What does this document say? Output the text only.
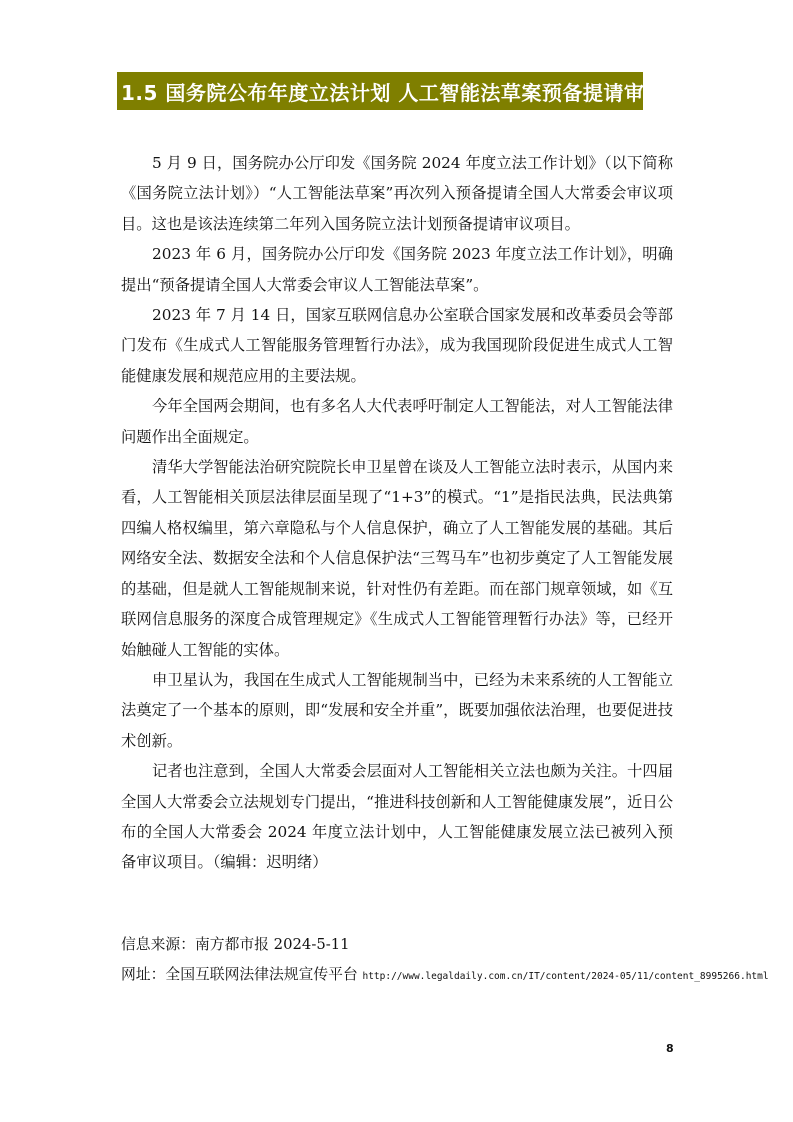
1.5 国务院公布年度立法计划 人工智能法草案预备提请审议

5 月 9 日，国务院办公厅印发《国务院 2024 年度立法工作计划》（以下简称《国务院立法计划》）“人工智能法草案”再次列入预备提请全国人大常委会审议项目。这也是该法连续第二年列入国务院立法计划预备提请审议项目。

2023 年 6 月，国务院办公厅印发《国务院 2023 年度立法工作计划》，明确提出“预备提请全国人大常委会审议人工智能法草案”。

2023 年 7 月 14 日，国家互联网信息办公室联合国家发展和改革委员会等部门发布《生成式人工智能服务管理暂行办法》，成为我国现阶段促进生成式人工智能健康发展和规范应用的主要法规。

今年全国两会期间，也有多名人大代表呼吁制定人工智能法，对人工智能法律问题作出全面规定。

清华大学智能法治研究院院长申卫星曾在谈及人工智能立法时表示，从国内来看，人工智能相关顶层法律层面呈现了“1+3”的模式。“1”是指民法典，民法典第四编人格权编里，第六章隐私与个人信息保护，确立了人工智能发展的基础。其后网络安全法、数据安全法和个人信息保护法“三驾马车”也初步奠定了人工智能发展的基础，但是就人工智能规制来说，针对性仍有差距。而在部门规章领域，如《互联网信息服务的深度合成管理规定》《生成式人工智能管理暂行办法》等，已经开始触碰人工智能的实体。

申卫星认为，我国在生成式人工智能规制当中，已经为未来系统的人工智能立法奠定了一个基本的原则，即“发展和安全并重”，既要加强依法治理，也要促进技术创新。

记者也注意到，全国人大常委会层面对人工智能相关立法也颇为关注。十四届全国人大常委会立法规划专门提出，“推进科技创新和人工智能健康发展”，近日公布的全国人大常委会 2024 年度立法计划中，人工智能健康发展立法已被列入预备审议项目。（编辑：迟明绪）

信息来源：南方都市报 2024-5-11
网址：全国互联网法律法规宣传平台 http://www.legaldaily.com.cn/IT/content/2024-05/11/content_8995266.html
8
